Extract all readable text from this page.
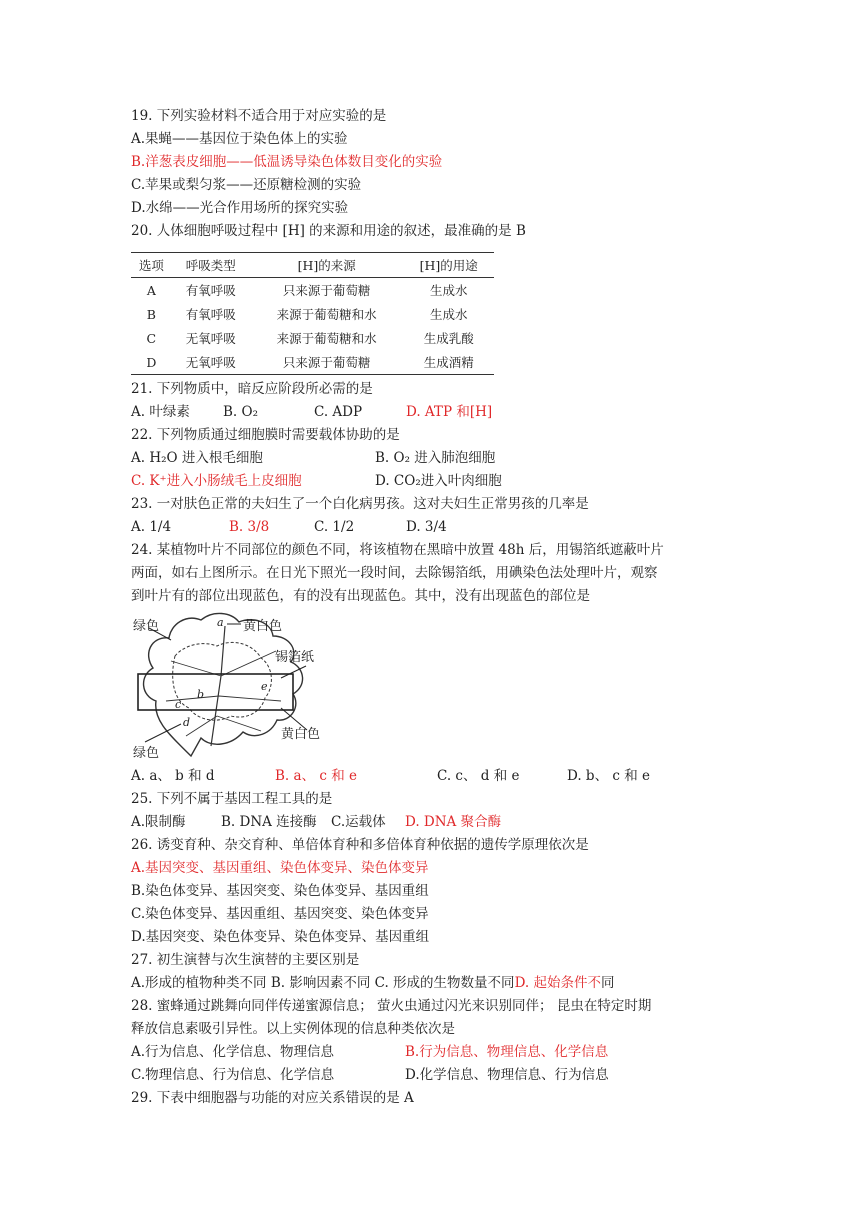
19. 下列实验材料不适合用于对应实验的是
A.果蝇——基因位于染色体上的实验
B.洋葱表皮细胞——低温诱导染色体数目变化的实验
C.苹果或梨匀浆——还原糖检测的实验
D.水绵——光合作用场所的探究实验
20. 人体细胞呼吸过程中 [H] 的来源和用途的叙述，最准确的是 B
选项	呼吸类型	[H]的来源	[H]的用途
A	有氧呼吸	只来源于葡萄糖	生成水
B	有氧呼吸	来源于葡萄糖和水	生成水
C	无氧呼吸	来源于葡萄糖和水	生成乳酸
D	无氧呼吸	只来源于葡萄糖	生成酒精
21. 下列物质中，暗反应阶段所必需的是
A. 叶绿素 B. O₂	C. ADP	D. ATP 和[H]
22. 下列物质通过细胞膜时需要载体协助的是
A. H₂O 进入根毛细胞	B. O₂ 进入肺泡细胞
C. K⁺进入小肠绒毛上皮细胞	D. CO₂进入叶肉细胞
23. 一对肤色正常的夫妇生了一个白化病男孩。这对夫妇生正常男孩的几率是
A. 1/4	B. 3/8	C. 1/2	D. 3/4
24. 某植物叶片不同部位的颜色不同，将该植物在黑暗中放置 48h 后，用锡箔纸遮蔽叶片
两面，如右上图所示。在日光下照光一段时间，去除锡箔纸，用碘染色法处理叶片，观察
到叶片有的部位出现蓝色，有的没有出现蓝色。其中，没有出现蓝色的部位是
绿色	黄白色
锡箔纸
黄白色
绿色
a
b
c
d
e
A. a、 b 和 d	B. a、 c 和 e	C. c、 d 和 e	D. b、 c 和 e
25. 下列不属于基因工程工具的是
A.限制酶	B. DNA 连接酶 C.运载体 D. DNA 聚合酶
26. 诱变育种、杂交育种、单倍体育种和多倍体育种依据的遗传学原理依次是
A.基因突变、基因重组、染色体变异、染色体变异
B.染色体变异、基因突变、染色体变异、基因重组
C.染色体变异、基因重组、基因突变、染色体变异
D.基因突变、染色体变异、染色体变异、基因重组
27. 初生演替与次生演替的主要区别是
A.形成的植物种类不同 B. 影响因素不同 C. 形成的生物数量不同D. 起始条件不同
28. 蜜蜂通过跳舞向同伴传递蜜源信息； 萤火虫通过闪光来识别同伴； 昆虫在特定时期
释放信息素吸引异性。以上实例体现的信息种类依次是
A.行为信息、化学信息、物理信息	B.行为信息、物理信息、化学信息
C.物理信息、行为信息、化学信息	D.化学信息、物理信息、行为信息
29. 下表中细胞器与功能的对应关系错误的是 A
